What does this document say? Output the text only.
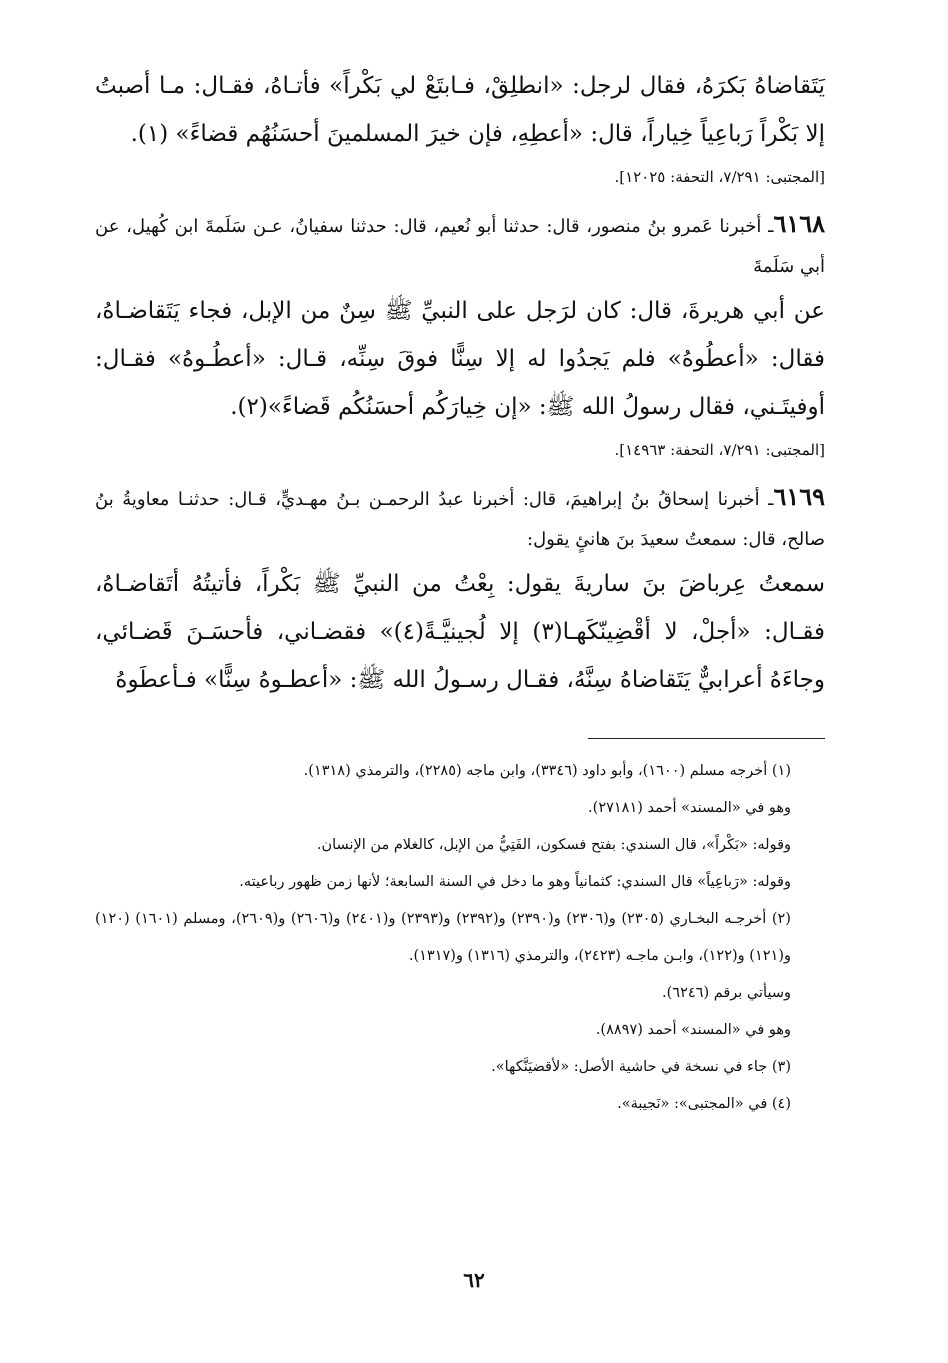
يَتَقاضاهُ بَكرَهُ، فقال لرجل: «انطلِقْ، فـابتَعْ لي بَكْراً» فأتـاهُ، فقـال: مـا أصبتُ إلا بَكْراً رَباعِياً خِياراً، قال: «أعطِهِ، فإن خيرَ المسلمينَ أحسَنُهُم قضاءً» (١).

[المجتبى: ٧/٢٩١، التحفة: ١٢٠٢٥].

٦١٦٨ـ أخبرنا عَمرو بنُ منصور، قال: حدثنا أبو نُعيم، قال: حدثنا سفيانُ، عـن سَلَمةَ ابن كُهيل، عن أبي سَلَمةَ

عن أبي هريرةَ، قال: كان لرَجل على النبيِّ ﷺ سِنٌ من الإبل، فجاء يَتَقاضـاهُ، فقال: «أعطُوهُ» فلم يَجدُوا له إلا سِنًّا فوقَ سِنِّه، قـال: «أعطُـوهُ» فقـال: أوفيتَـني، فقال رسولُ الله ﷺ: «إن خِيارَكُم أحسَنُكُم قَضاءً»(٢).

[المجتبى: ٧/٢٩١، التحفة: ١٤٩٦٣].

٦١٦٩ـ أخبرنا إسحاقُ بنُ إبراهيمَ، قال: أخبرنا عبدُ الرحمـن بـنُ مهـديٍّ، قـال: حدثنـا معاويةُ بنُ صالح، قال: سمعتُ سعيدَ بنَ هانئٍ يقول:

سمعتُ عِرباضَ بنَ ساريةَ يقول: بِعْتُ من النبيِّ ﷺ بَكْراً، فأتيتُهُ أتَقاضـاهُ، فقـال: «أجلْ، لا أقْضِينّكَهـا(٣) إلا لُجينيَّـةً(٤)» فقضـاني، فأحسَـنَ قَضـائي، وجاءَهُ أعرابيٌّ يَتَقاضاهُ سِنَّهُ، فقـال رسـولُ الله ﷺ: «أعطـوهُ سِنًّا» فـأعطَوهُ

(١) أخرجه مسلم (١٦٠٠)، وأبو داود (٣٣٤٦)، وابن ماجه (٢٢٨٥)، والترمذي (١٣١٨).

وهو في «المسند» أحمد (٢٧١٨١).

وقوله: «بَكْراً»، قال السندي: بفتح فسكون، الفَتِيُّ من الإبل، كالغلام من الإنسان.

وقوله: «رَباعِياً» قال السندي: كثمانياً وهو ما دخل في السنة السابعة؛ لأنها زمن ظهور رباعيته.

(٢) أخرجـه البخـاري (٢٣٠٥) و(٢٣٠٦) و(٢٣٩٠) و(٢٣٩٢) و(٢٣٩٣) و(٢٤٠١) و(٢٦٠٦) و(٢٦٠٩)، ومسلم (١٦٠١) (١٢٠) و(١٢١) و(١٢٢)، وابـن ماجـه (٢٤٢٣)، والترمذي (١٣١٦) و(١٣١٧).

وسيأتي برقم (٦٢٤٦).

وهو في «المسند» أحمد (٨٨٩٧).

(٣) جاء في نسخة في حاشية الأصل: «لأقضيَنَّكها».

(٤) في «المجتبى»: «نَجيبة».

٦٢
